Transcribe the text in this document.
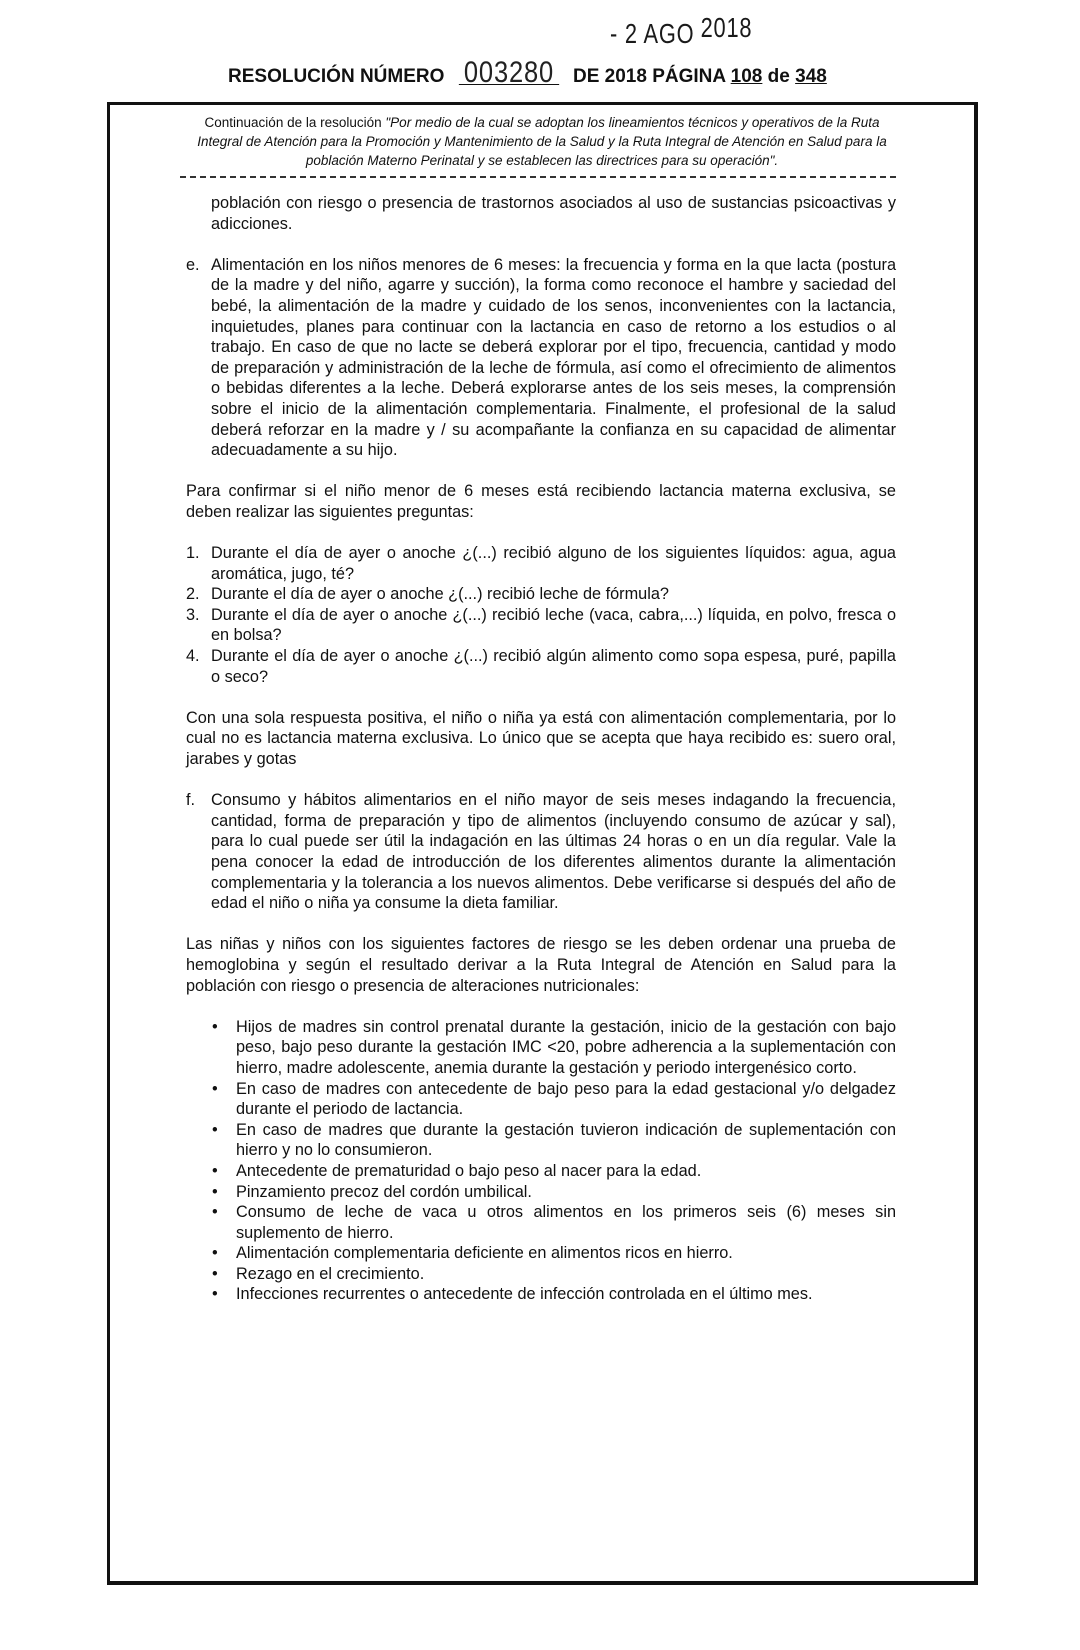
- 2 AGO 2018
RESOLUCIÓN NÚMERO 003280 DE 2018 PÁGINA 108 de 348
Continuación de la resolución "Por medio de la cual se adoptan los lineamientos técnicos y operativos de la Ruta Integral de Atención para la Promoción y Mantenimiento de la Salud y la Ruta Integral de Atención en Salud para la población Materno Perinatal y se establecen las directrices para su operación".

población con riesgo o presencia de trastornos asociados al uso de sustancias psicoactivas y adicciones.

e. Alimentación en los niños menores de 6 meses: la frecuencia y forma en la que lacta (postura de la madre y del niño, agarre y succión), la forma como reconoce el hambre y saciedad del bebé, la alimentación de la madre y cuidado de los senos, inconvenientes con la lactancia, inquietudes, planes para continuar con la lactancia en caso de retorno a los estudios o al trabajo. En caso de que no lacte se deberá explorar por el tipo, frecuencia, cantidad y modo de preparación y administración de la leche de fórmula, así como el ofrecimiento de alimentos o bebidas diferentes a la leche. Deberá explorarse antes de los seis meses, la comprensión sobre el inicio de la alimentación complementaria. Finalmente, el profesional de la salud deberá reforzar en la madre y / su acompañante la confianza en su capacidad de alimentar adecuadamente a su hijo.

Para confirmar si el niño menor de 6 meses está recibiendo lactancia materna exclusiva, se deben realizar las siguientes preguntas:

1. Durante el día de ayer o anoche ¿(...) recibió alguno de los siguientes líquidos: agua, agua aromática, jugo, té?
2. Durante el día de ayer o anoche ¿(...) recibió leche de fórmula?
3. Durante el día de ayer o anoche ¿(...) recibió leche (vaca, cabra,...) líquida, en polvo, fresca o en bolsa?
4. Durante el día de ayer o anoche ¿(...) recibió algún alimento como sopa espesa, puré, papilla o seco?

Con una sola respuesta positiva, el niño o niña ya está con alimentación complementaria, por lo cual no es lactancia materna exclusiva. Lo único que se acepta que haya recibido es: suero oral, jarabes y gotas

f. Consumo y hábitos alimentarios en el niño mayor de seis meses indagando la frecuencia, cantidad, forma de preparación y tipo de alimentos (incluyendo consumo de azúcar y sal), para lo cual puede ser útil la indagación en las últimas 24 horas o en un día regular. Vale la pena conocer la edad de introducción de los diferentes alimentos durante la alimentación complementaria y la tolerancia a los nuevos alimentos. Debe verificarse si después del año de edad el niño o niña ya consume la dieta familiar.

Las niñas y niños con los siguientes factores de riesgo se les deben ordenar una prueba de hemoglobina y según el resultado derivar a la Ruta Integral de Atención en Salud para la población con riesgo o presencia de alteraciones nutricionales:

• Hijos de madres sin control prenatal durante la gestación, inicio de la gestación con bajo peso, bajo peso durante la gestación IMC <20, pobre adherencia a la suplementación con hierro, madre adolescente, anemia durante la gestación y periodo intergenésico corto.
• En caso de madres con antecedente de bajo peso para la edad gestacional y/o delgadez durante el periodo de lactancia.
• En caso de madres que durante la gestación tuvieron indicación de suplementación con hierro y no lo consumieron.
• Antecedente de prematuridad o bajo peso al nacer para la edad.
• Pinzamiento precoz del cordón umbilical.
• Consumo de leche de vaca u otros alimentos en los primeros seis (6) meses sin suplemento de hierro.
• Alimentación complementaria deficiente en alimentos ricos en hierro.
• Rezago en el crecimiento.
• Infecciones recurrentes o antecedente de infección controlada en el último mes.
